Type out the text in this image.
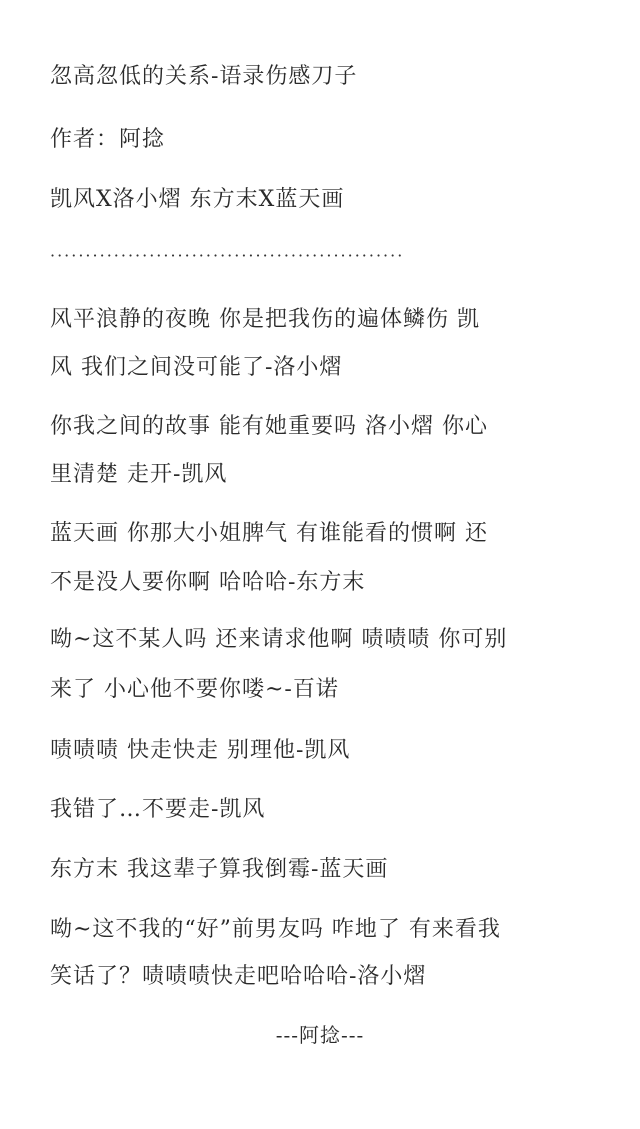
忽高忽低的关系-语录伤感刀子
作者：阿捻
凯风X洛小熠 东方末X蓝天画
··················································
风平浪静的夜晚 你是把我伤的遍体鳞伤 凯
风 我们之间没可能了-洛小熠
你我之间的故事 能有她重要吗 洛小熠 你心
里清楚 走开-凯风
蓝天画 你那大小姐脾气 有谁能看的惯啊 还
不是没人要你啊 哈哈哈-东方末
呦~这不某人吗 还来请求他啊 啧啧啧 你可别
来了 小心他不要你喽~-百诺
啧啧啧 快走快走 别理他-凯风
我错了…不要走-凯风
东方末 我这辈子算我倒霉-蓝天画
呦~这不我的“好”前男友吗 咋地了 有来看我
笑话了？啧啧啧快走吧哈哈哈-洛小熠
---阿捻---
